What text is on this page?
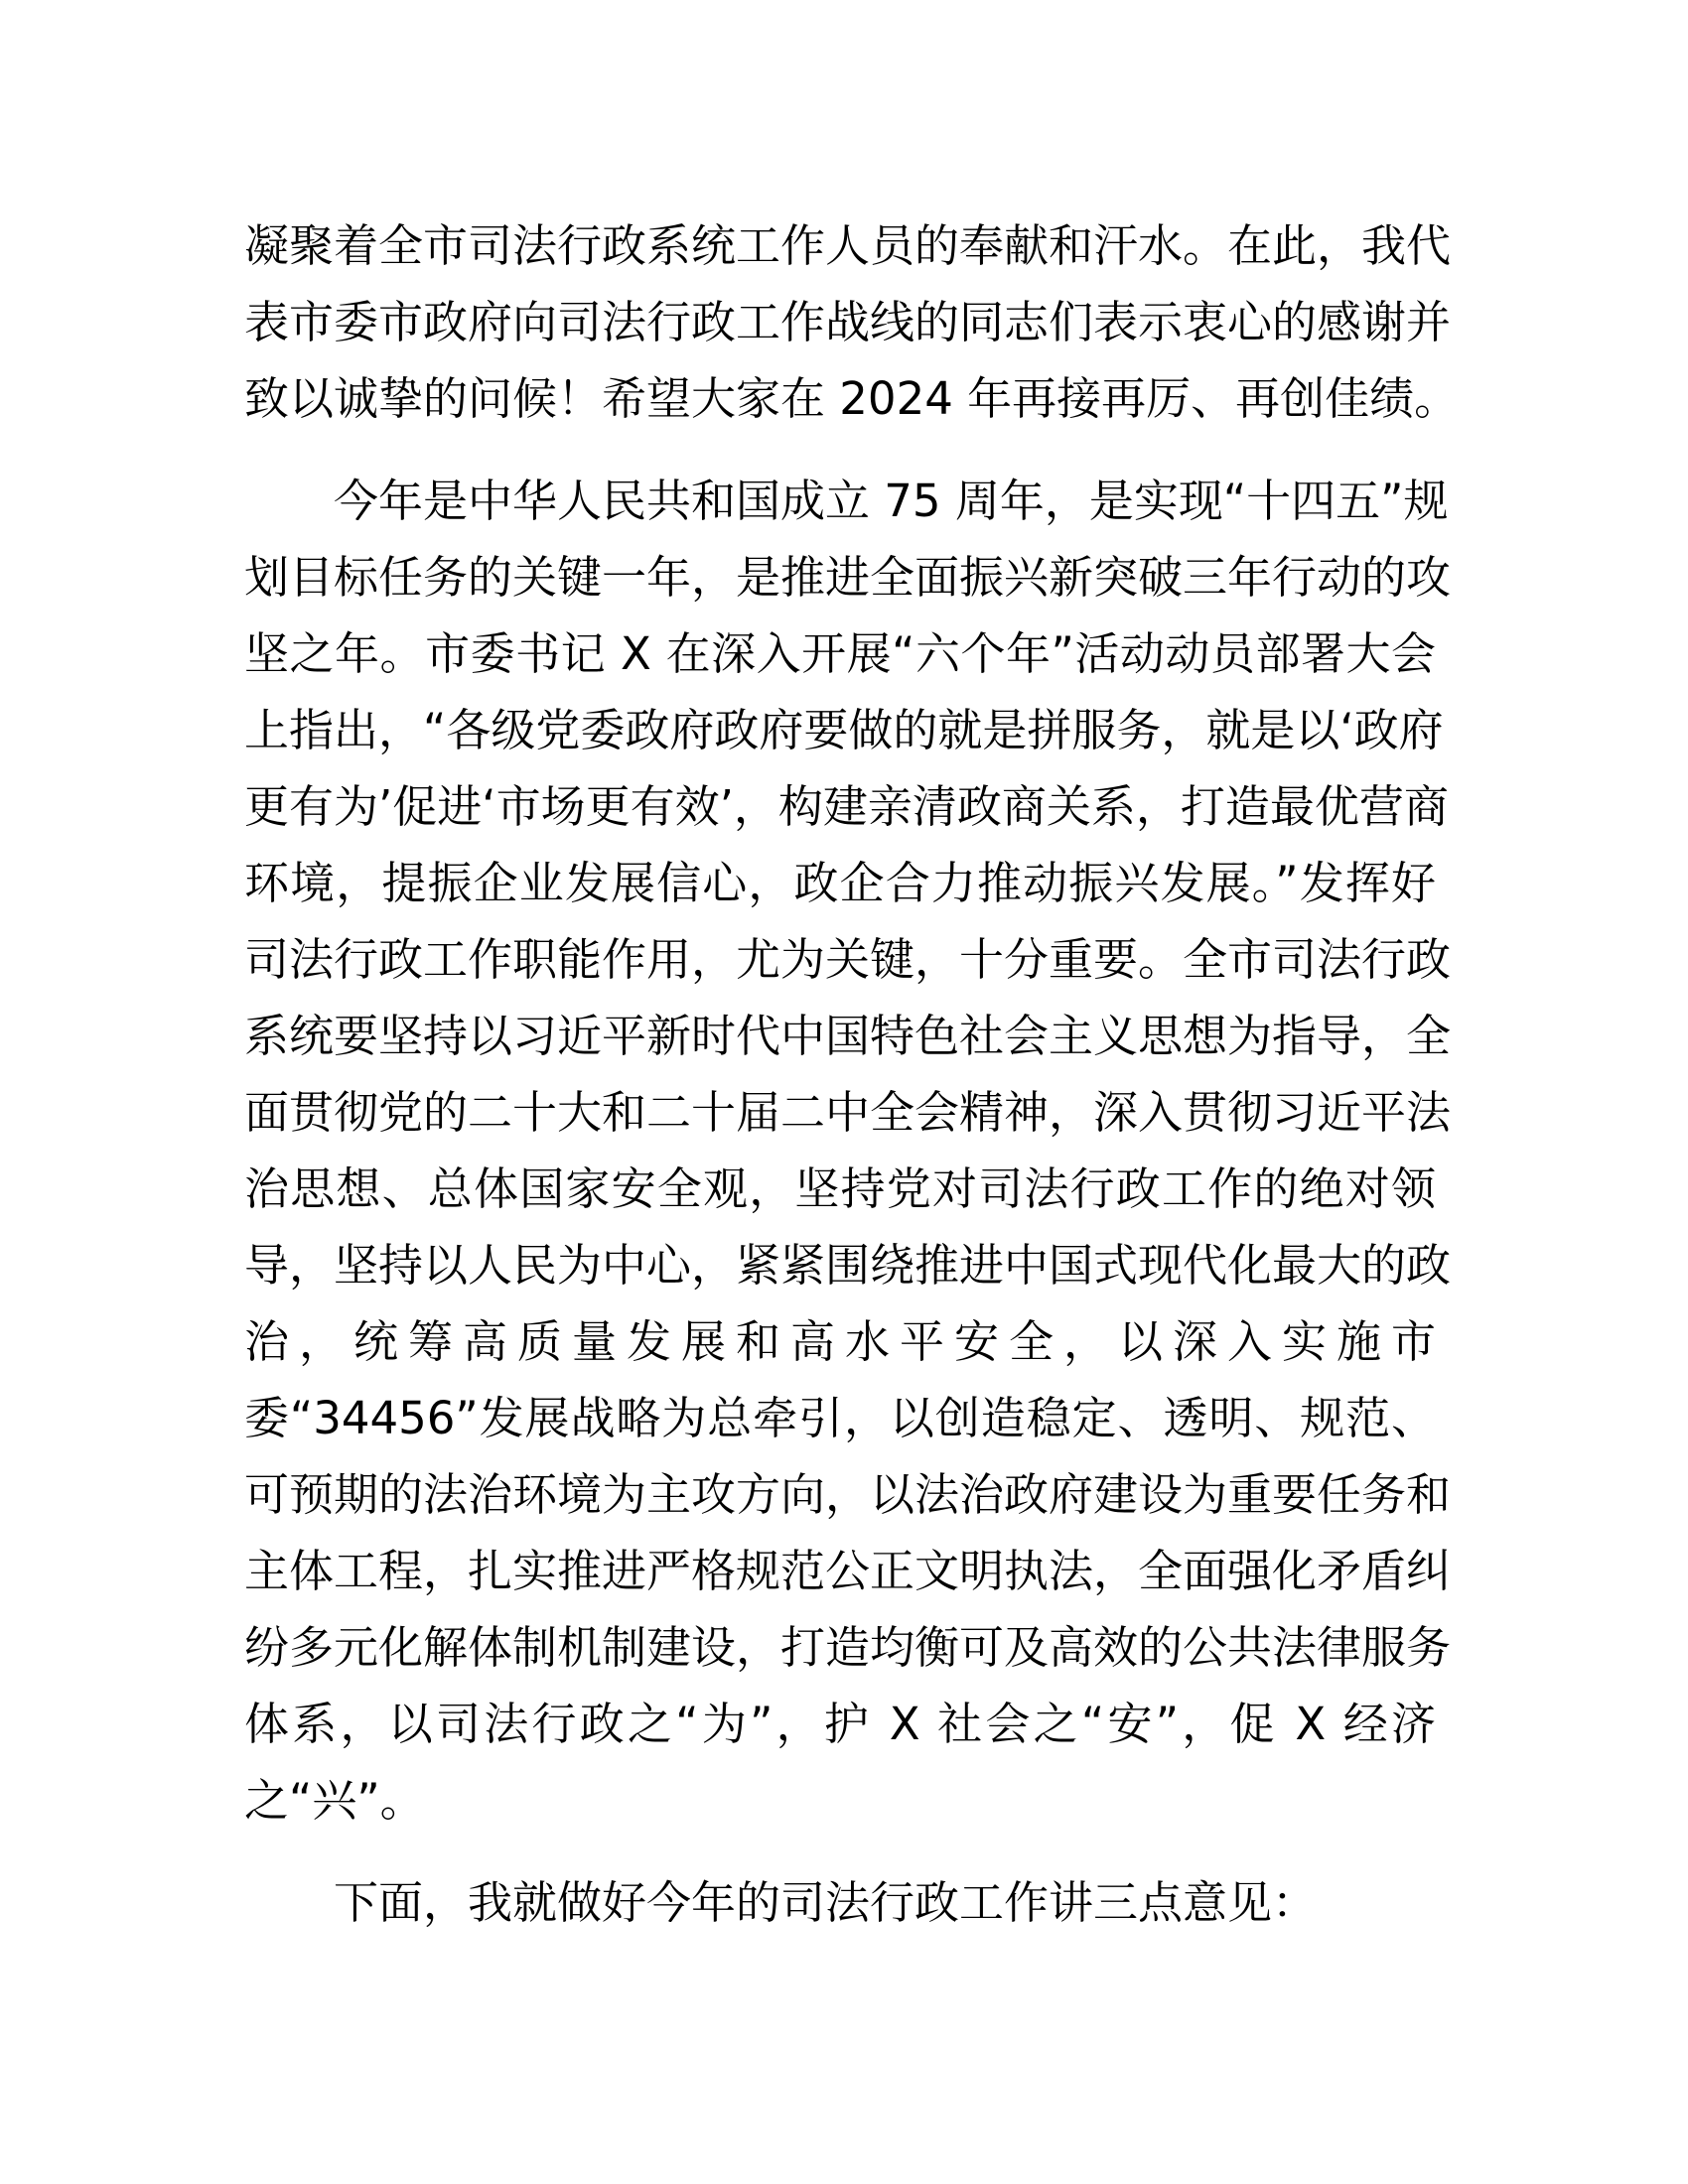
凝聚着全市司法行政系统工作人员的奉献和汗水。在此，我代
表市委市政府向司法行政工作战线的同志们表示衷心的感谢并
致以诚挚的问候！希望大家在 2024 年再接再厉、再创佳绩。
今年是中华人民共和国成立 75 周年，是实现“十四五”规
划目标任务的关键一年，是推进全面振兴新突破三年行动的攻
坚之年。市委书记 X 在深入开展“六个年”活动动员部署大会
上指出，“各级党委政府政府要做的就是拼服务，就是以‘政府
更有为’促进‘市场更有效’，构建亲清政商关系，打造最优营商
环境，提振企业发展信心，政企合力推动振兴发展。”发挥好
司法行政工作职能作用，尤为关键，十分重要。全市司法行政
系统要坚持以习近平新时代中国特色社会主义思想为指导，全
面贯彻党的二十大和二十届二中全会精神，深入贯彻习近平法
治思想、总体国家安全观，坚持党对司法行政工作的绝对领
导，坚持以人民为中心，紧紧围绕推进中国式现代化最大的政
治，统筹高质量发展和高水平安全，以深入实施市
委“34456”发展战略为总牵引，以创造稳定、透明、规范、
可预期的法治环境为主攻方向，以法治政府建设为重要任务和
主体工程，扎实推进严格规范公正文明执法，全面强化矛盾纠
纷多元化解体制机制建设，打造均衡可及高效的公共法律服务
体系，以司法行政之“为”，护 X 社会之“安”，促 X 经济
之“兴”。
下面，我就做好今年的司法行政工作讲三点意见：
